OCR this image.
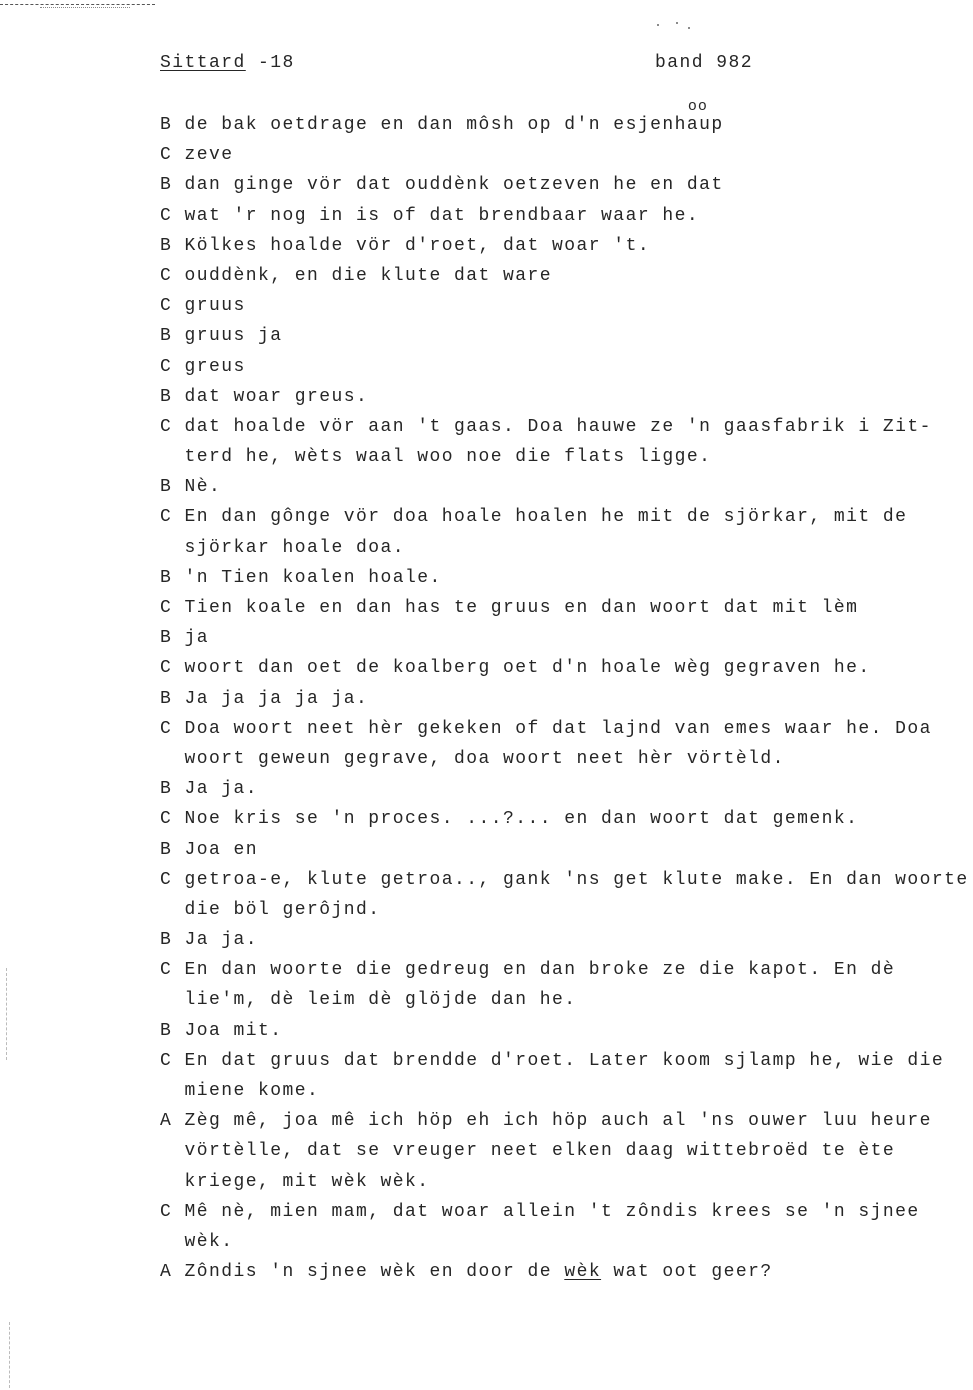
Sittard -18	band 982
B de bak oetdrage en dan môsh op d'n esjenhau
oo
p
C zeve
B dan ginge vör dat ouddènk oetzeven he en dat
C wat 'r nog in is of dat brendbaar waar he.
B Kölkes hoalde vör d'roet, dat woar 't.
C ouddènk, en die klute dat ware
C gruus
B gruus ja
C greus
B dat woar greus.
C dat hoalde vör aan 't gaas. Doa hauwe ze 'n gaasfabrik i Zit-
terd he, wèts waal woo noe die flats ligge.
B Nè.
C En dan gônge vör doa hoale hoalen he mit de sjörkar, mit de
sjörkar hoale doa.
B 'n Tien koalen hoale.
C Tien koale en dan has te gruus en dan woort dat mit lèm
B ja
C woort dan oet de koalberg oet d'n hoale wèg gegraven he.
B Ja ja ja ja ja.
C Doa woort neet hèr gekeken of dat lajnd van emes waar he. Doa
woort geweun gegrave, doa woort neet hèr vörtèld.
B Ja ja.
C Noe kris se 'n proces. ...?... en dan woort dat gemenk.
B Joa en
C getroa-e, klute getroa.., gank 'ns get klute make. En dan woorte
die böl gerôjnd.
B Ja ja.
C En dan woorte die gedreug en dan broke ze die kapot. En dè
lie'm, dè leim dè glöjde dan he.
B Joa mit.
C En dat gruus dat brendde d'roet. Later koom sjlamp he, wie die
miene kome.
A Zèg mê, joa mê ich höp eh ich höp auch al 'ns ouwer luu heure
vörtèlle, dat se vreuger neet elken daag wittebroëd te ète
kriege, mit wèk wèk.
C Mê nè, mien mam, dat woar allein 't zôndis krees se 'n sjnee
wèk.
A Zôndis 'n sjnee wèk en door de wèk wat oot geer?
